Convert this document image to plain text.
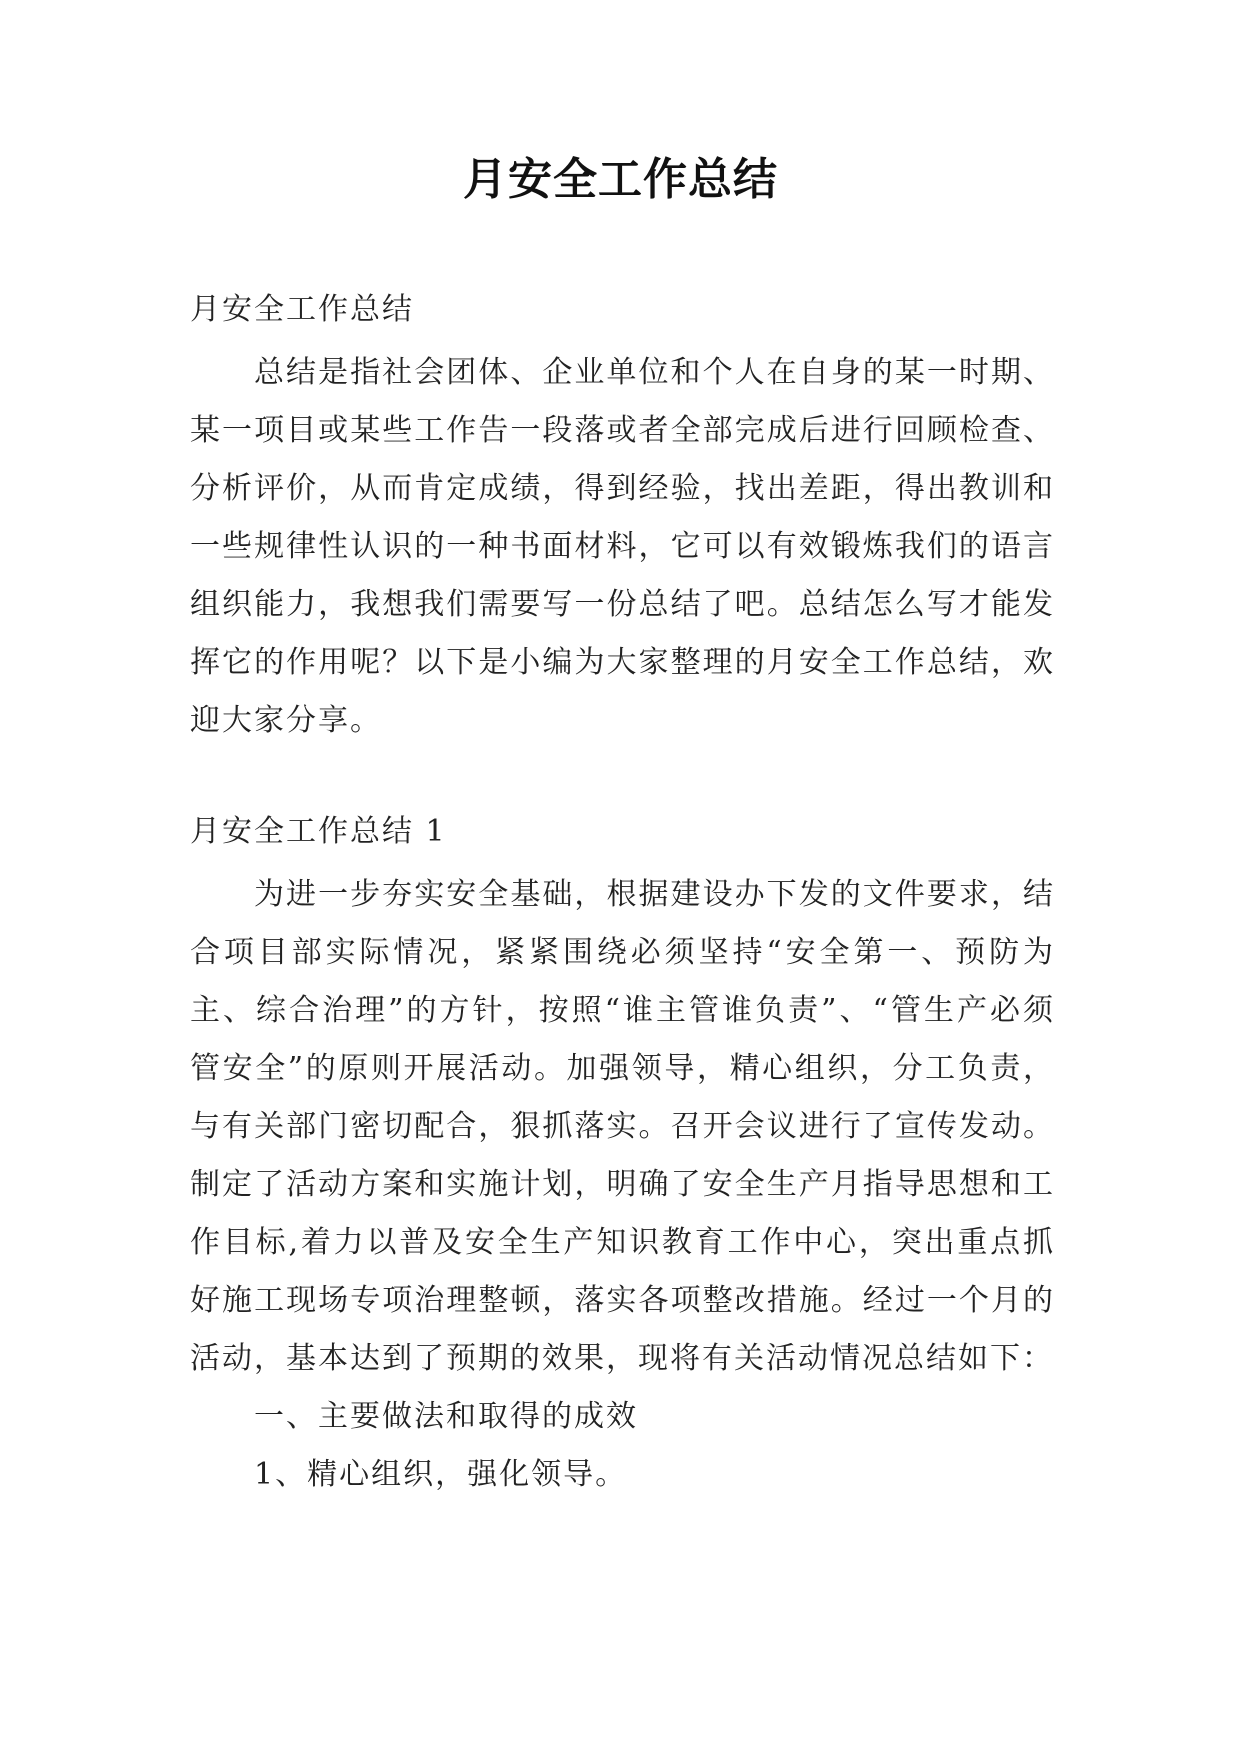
月安全工作总结

月安全工作总结

总结是指社会团体、企业单位和个人在自身的某一时期、某一项目或某些工作告一段落或者全部完成后进行回顾检查、分析评价，从而肯定成绩，得到经验，找出差距，得出教训和一些规律性认识的一种书面材料，它可以有效锻炼我们的语言组织能力，我想我们需要写一份总结了吧。总结怎么写才能发挥它的作用呢？以下是小编为大家整理的月安全工作总结，欢迎大家分享。

月安全工作总结 1

为进一步夯实安全基础，根据建设办下发的文件要求，结合项目部实际情况，紧紧围绕必须坚持“安全第一、预防为主、综合治理”的方针，按照“谁主管谁负责”、“管生产必须管安全”的原则开展活动。加强领导，精心组织，分工负责，与有关部门密切配合，狠抓落实。召开会议进行了宣传发动。制定了活动方案和实施计划，明确了安全生产月指导思想和工作目标,着力以普及安全生产知识教育工作中心，突出重点抓好施工现场专项治理整顿，落实各项整改措施。经过一个月的活动，基本达到了预期的效果，现将有关活动情况总结如下：

一、主要做法和取得的成效

1、精心组织，强化领导。
